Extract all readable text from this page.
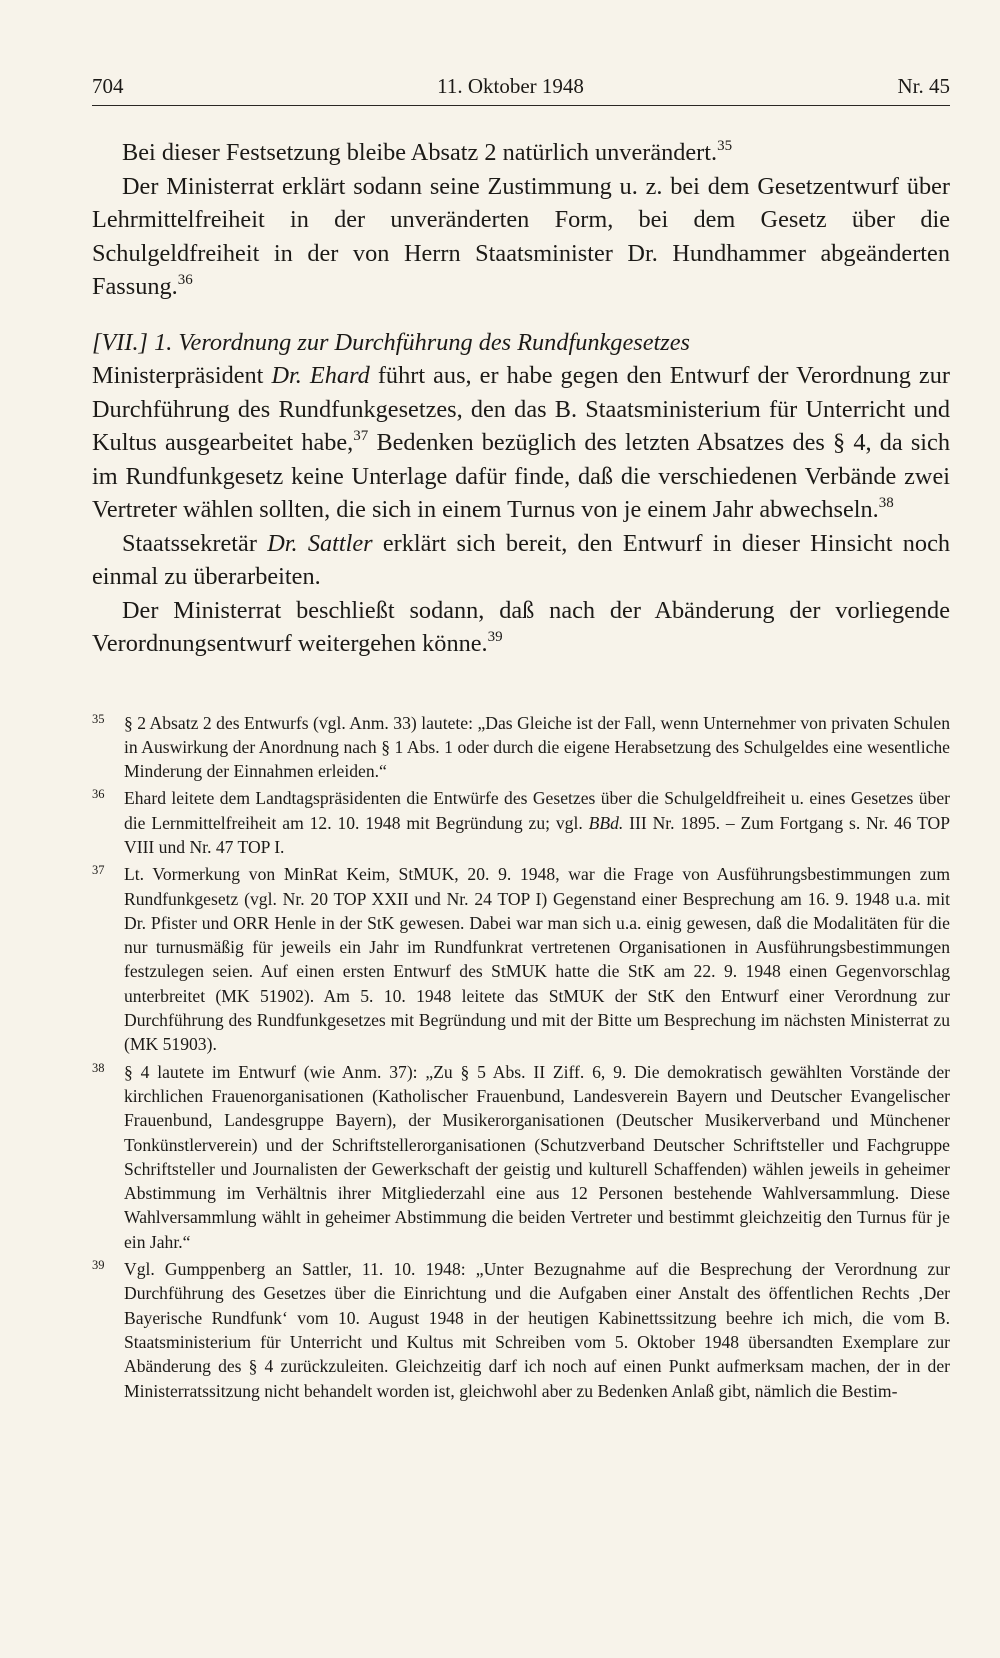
704	11. Oktober 1948	Nr. 45

Bei dieser Festsetzung bleibe Absatz 2 natürlich unverändert.$^{35}$

Der Ministerrat erklärt sodann seine Zustimmung u. z. bei dem Gesetzentwurf über Lehrmittelfreiheit in der unveränderten Form, bei dem Gesetz über die Schulgeldfreiheit in der von Herrn Staatsminister Dr. Hundhammer abgeänderten Fassung.$^{36}$

[VII.] 1. Verordnung zur Durchführung des Rundfunkgesetzes

Ministerpräsident Dr. Ehard führt aus, er habe gegen den Entwurf der Verordnung zur Durchführung des Rundfunkgesetzes, den das B. Staatsministerium für Unterricht und Kultus ausgearbeitet habe,$^{37}$ Bedenken bezüglich des letzten Absatzes des § 4, da sich im Rundfunkgesetz keine Unterlage dafür finde, daß die verschiedenen Verbände zwei Vertreter wählen sollten, die sich in einem Turnus von je einem Jahr abwechseln.$^{38}$

Staatssekretär Dr. Sattler erklärt sich bereit, den Entwurf in dieser Hinsicht noch einmal zu überarbeiten.

Der Ministerrat beschließt sodann, daß nach der Abänderung der vorliegende Verordnungsentwurf weitergehen könne.$^{39}$

35 § 2 Absatz 2 des Entwurfs (vgl. Anm. 33) lautete: „Das Gleiche ist der Fall, wenn Unternehmer von privaten Schulen in Auswirkung der Anordnung nach § 1 Abs. 1 oder durch die eigene Herabsetzung des Schulgeldes eine wesentliche Minderung der Einnahmen erleiden.“
36 Ehard leitete dem Landtagspräsidenten die Entwürfe des Gesetzes über die Schulgeldfreiheit u. eines Gesetzes über die Lernmittelfreiheit am 12. 10. 1948 mit Begründung zu; vgl. BBd. III Nr. 1895. – Zum Fortgang s. Nr. 46 TOP VIII und Nr. 47 TOP I.
37 Lt. Vormerkung von MinRat Keim, StMUK, 20. 9. 1948, war die Frage von Ausführungsbestimmungen zum Rundfunkgesetz (vgl. Nr. 20 TOP XXII und Nr. 24 TOP I) Gegenstand einer Besprechung am 16. 9. 1948 u.a. mit Dr. Pfister und ORR Henle in der StK gewesen. Dabei war man sich u.a. einig gewesen, daß die Modalitäten für die nur turnusmäßig für jeweils ein Jahr im Rundfunkrat vertretenen Organisationen in Ausführungsbestimmungen festzulegen seien. Auf einen ersten Entwurf des StMUK hatte die StK am 22. 9. 1948 einen Gegenvorschlag unterbreitet (MK 51902). Am 5. 10. 1948 leitete das StMUK der StK den Entwurf einer Verordnung zur Durchführung des Rundfunkgesetzes mit Begründung und mit der Bitte um Besprechung im nächsten Ministerrat zu (MK 51903).
38 § 4 lautete im Entwurf (wie Anm. 37): „Zu § 5 Abs. II Ziff. 6, 9. Die demokratisch gewählten Vorstände der kirchlichen Frauenorganisationen (Katholischer Frauenbund, Landesverein Bayern und Deutscher Evangelischer Frauenbund, Landesgruppe Bayern), der Musikerorganisationen (Deutscher Musikerverband und Münchener Tonkünstlerverein) und der Schriftstellerorganisationen (Schutzverband Deutscher Schriftsteller und Fachgruppe Schriftsteller und Journalisten der Gewerkschaft der geistig und kulturell Schaffenden) wählen jeweils in geheimer Abstimmung im Verhältnis ihrer Mitgliederzahl eine aus 12 Personen bestehende Wahlversammlung. Diese Wahlversammlung wählt in geheimer Abstimmung die beiden Vertreter und bestimmt gleichzeitig den Turnus für je ein Jahr.“
39 Vgl. Gumppenberg an Sattler, 11. 10. 1948: „Unter Bezugnahme auf die Besprechung der Verordnung zur Durchführung des Gesetzes über die Einrichtung und die Aufgaben einer Anstalt des öffentlichen Rechts ‚Der Bayerische Rundfunk‘ vom 10. August 1948 in der heutigen Kabinettssitzung beehre ich mich, die vom B. Staatsministerium für Unterricht und Kultus mit Schreiben vom 5. Oktober 1948 übersandten Exemplare zur Abänderung des § 4 zurückzuleiten. Gleichzeitig darf ich noch auf einen Punkt aufmerksam machen, der in der Ministerratssitzung nicht behandelt worden ist, gleichwohl aber zu Bedenken Anlaß gibt, nämlich die Bestim-
